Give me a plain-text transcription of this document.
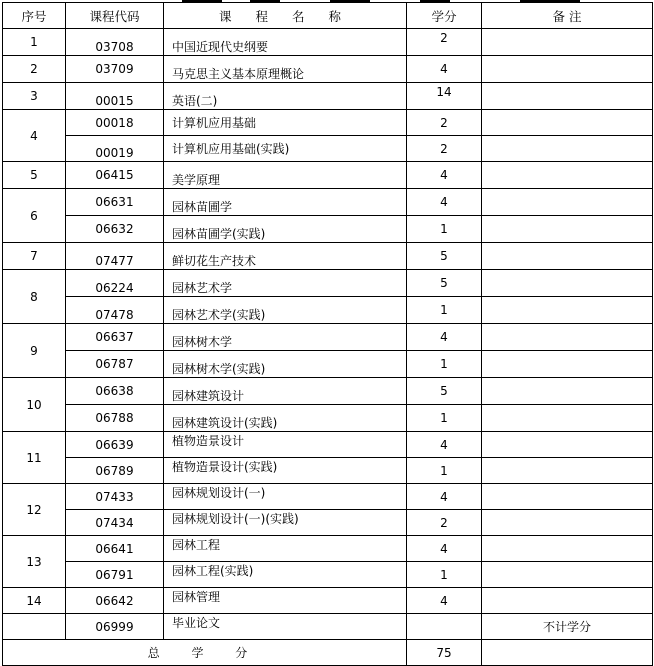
序号	课程代码	课 程 名 称	学分	备 注
1	03708	中国近现代史纲要	2	

2	03709	马克思主义基本原理概论	4	
3	00015	英语(二)	14	

4	00018	计算机应用基础	2	

	00019	计算机应用基础(实践)	2	
5	06415	美学原理	4	
6	06631	园林苗圃学	4	
	06632	园林苗圃学(实践)	1	
7	07477	鲜切花生产技术	5	
8	06224	园林艺术学	5	

	07478	园林艺术学(实践)	1	
9	06637	园林树木学	4	
	06787	园林树木学(实践)	1	
10	06638	园林建筑设计	5	
	06788	园林建筑设计(实践)	1	
11	06639	植物造景设计	4	
	06789	植物造景设计(实践)	1	
12	07433	园林规划设计(一)	4	
	07434	园林规划设计(一)(实践)	2	
13	06641	园林工程	4	
	06791	园林工程(实践)	1	
14	06642	园林管理	4	
	06999	毕业论文		不计学分
总 学 分			75	
